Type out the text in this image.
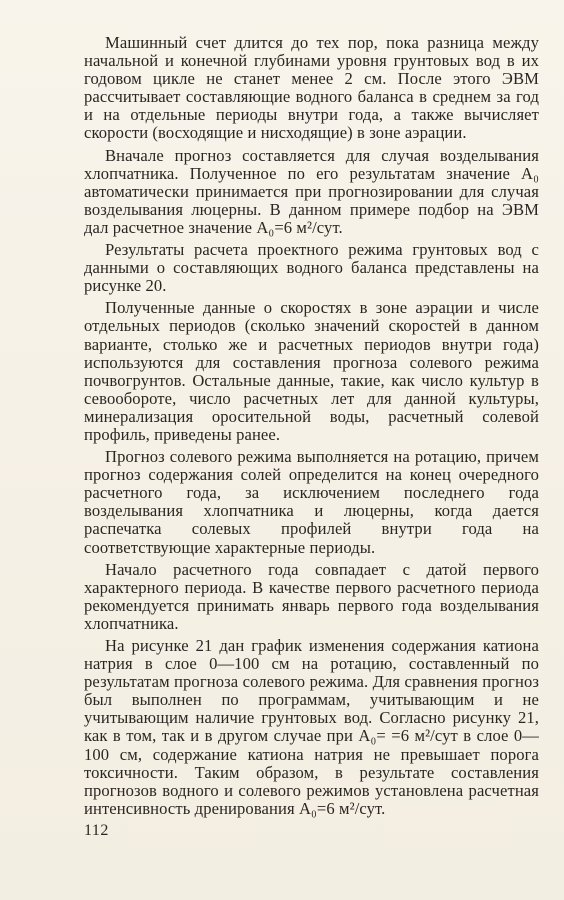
Машинный счет длится до тех пор, пока разница между начальной и конечной глубинами уровня грунтовых вод в их годовом цикле не станет менее 2 см. После этого ЭВМ рассчитывает составляющие водного баланса в среднем за год и на отдельные периоды внутри года, а также вычисляет скорости (восходящие и нисходящие) в зоне аэрации.

Вначале прогноз составляется для случая возделывания хлопчатника. Полученное по его результатам значение A₀ автоматически принимается при прогнозировании для случая возделывания люцерны. В данном примере подбор на ЭВМ дал расчетное значение A₀=6 м²/сут.

Результаты расчета проектного режима грунтовых вод с данными о составляющих водного баланса представлены на рисунке 20.

Полученные данные о скоростях в зоне аэрации и числе отдельных периодов (сколько значений скоростей в данном варианте, столько же и расчетных периодов внутри года) используются для составления прогноза солевого режима почвогрунтов. Остальные данные, такие, как число культур в севообороте, число расчетных лет для данной культуры, минерализация оросительной воды, расчетный солевой профиль, приведены ранее.

Прогноз солевого режима выполняется на ротацию, причем прогноз содержания солей определится на конец очередного расчетного года, за исключением последнего года возделывания хлопчатника и люцерны, когда дается распечатка солевых профилей внутри года на соответствующие характерные периоды.

Начало расчетного года совпадает с датой первого характерного периода. В качестве первого расчетного периода рекомендуется принимать январь первого года возделывания хлопчатника.

На рисунке 21 дан график изменения содержания катиона натрия в слое 0—100 см на ротацию, составленный по результатам прогноза солевого режима. Для сравнения прогноз был выполнен по программам, учитывающим и не учитывающим наличие грунтовых вод. Согласно рисунку 21, как в том, так и в другом случае при A₀= =6 м²/сут в слое 0—100 см, содержание катиона натрия не превышает порога токсичности. Таким образом, в результате составления прогнозов водного и солевого режимов установлена расчетная интенсивность дренирования A₀=6 м²/сут.

112
